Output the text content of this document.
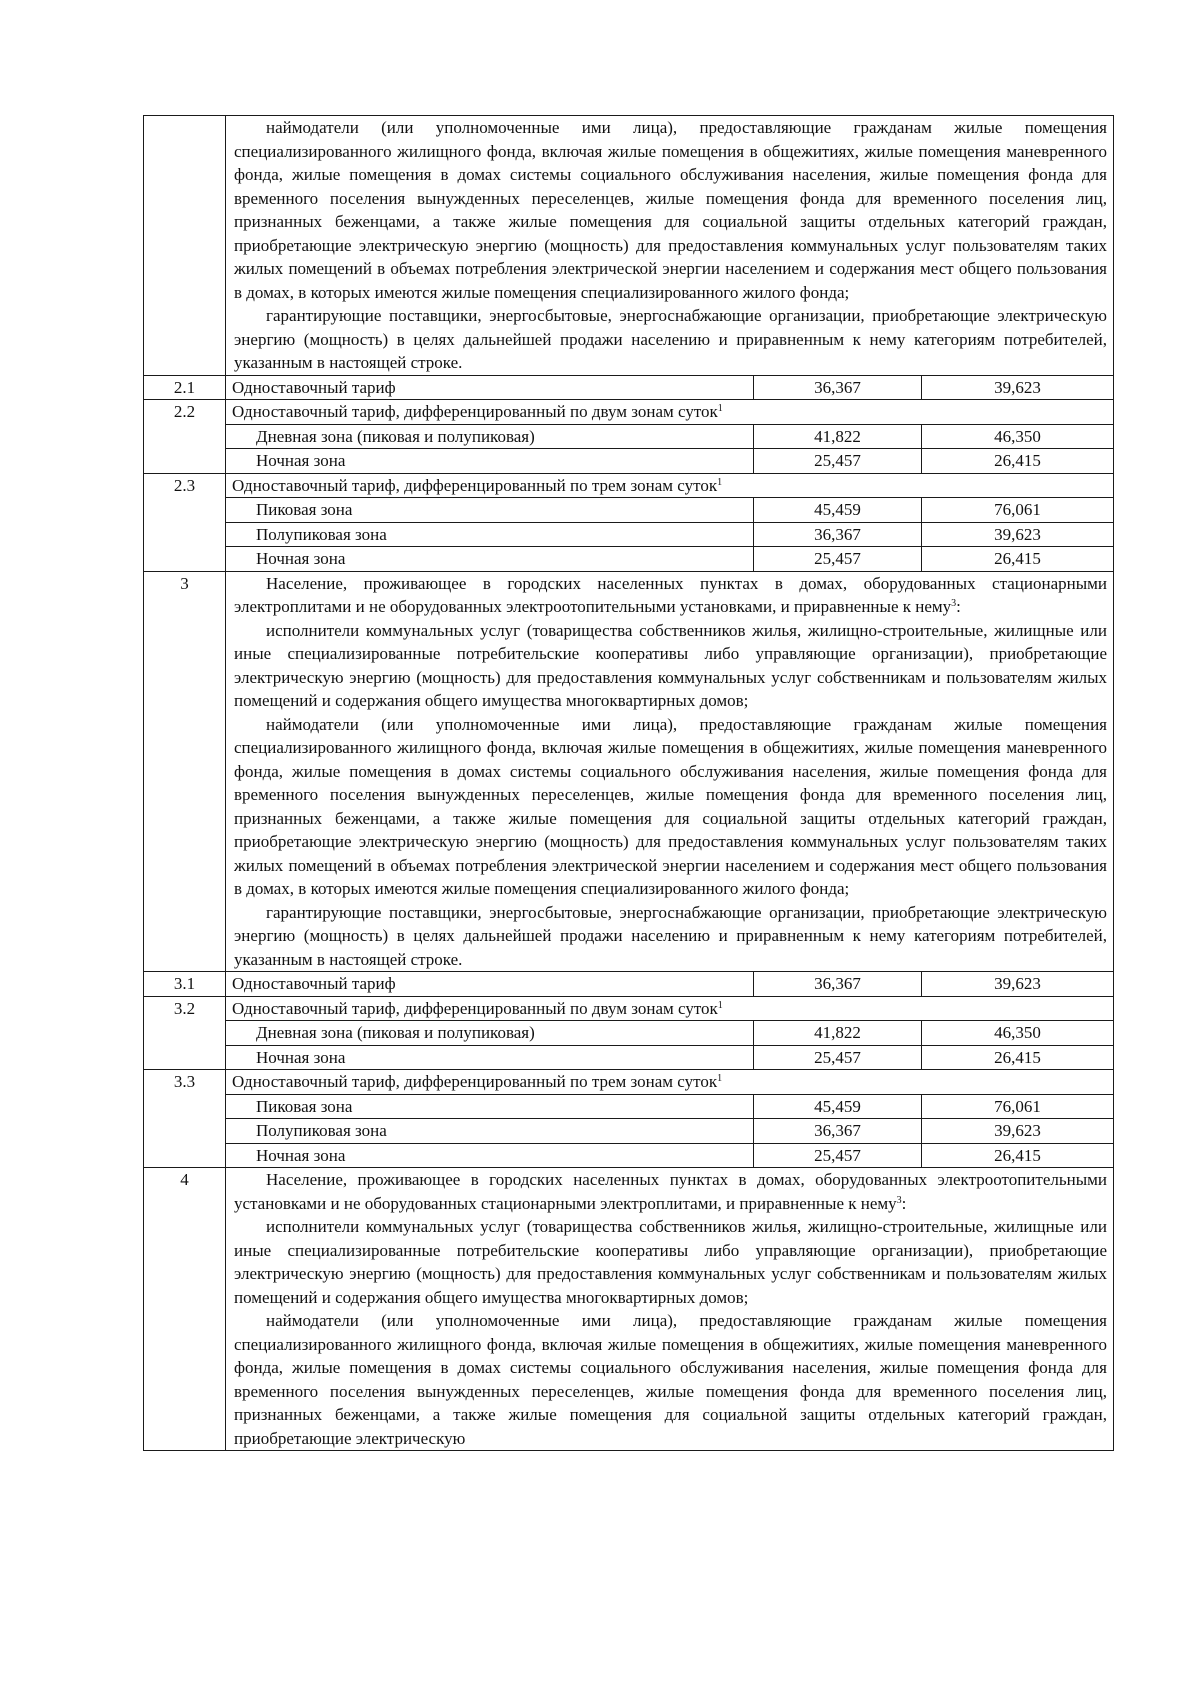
	наймодатели (или уполномоченные ими лица), предоставляющие гражданам жилые помещения специализированного жилищного фонда, включая жилые помещения в общежитиях, жилые помещения маневренного фонда, жилые помещения в домах системы социального обслуживания населения, жилые помещения фонда для временного поселения вынужденных переселенцев, жилые помещения фонда для временного поселения лиц, признанных беженцами, а также жилые помещения для социальной защиты отдельных категорий граждан, приобретающие электрическую энергию (мощность) для предоставления коммунальных услуг пользователям таких жилых помещений в объемах потребления электрической энергии населением и содержания мест общего пользования в домах, в которых имеются жилые помещения специализированного жилого фонда;

гарантирующие поставщики, энергосбытовые, энергоснабжающие организации, приобретающие электрическую энергию (мощность) в целях дальнейшей продажи населению и приравненным к нему категориям потребителей, указанным в настоящей строке.		

2.1	Одноставочный тариф	36,367	39,623
2.2	Одноставочный тариф, дифференцированный по двум зонам суток$^1$
	Дневная зона (пиковая и полупиковая)	41,822	46,350
	Ночная зона	25,457	26,415
2.3	Одноставочный тариф, дифференцированный по трем зонам суток$^1$
	Пиковая зона	45,459	76,061
	Полупиковая зона	36,367	39,623
	Ночная зона	25,457	26,415
3	Население, проживающее в городских населенных пунктах в домах, оборудованных стационарными электроплитами и не оборудованных электроотопительными установками, и приравненные к нему$^3$:

исполнители коммунальных услуг (товарищества собственников жилья, жилищно-строительные, жилищные или иные специализированные потребительские кооперативы либо управляющие организации), приобретающие электрическую энергию (мощность) для предоставления коммунальных услуг собственникам и пользователям жилых помещений и содержания общего имущества многоквартирных домов;

наймодатели (или уполномоченные ими лица), предоставляющие гражданам жилые помещения специализированного жилищного фонда, включая жилые помещения в общежитиях, жилые помещения маневренного фонда, жилые помещения в домах системы социального обслуживания населения, жилые помещения фонда для временного поселения вынужденных переселенцев, жилые помещения фонда для временного поселения лиц, признанных беженцами, а также жилые помещения для социальной защиты отдельных категорий граждан, приобретающие электрическую энергию (мощность) для предоставления коммунальных услуг пользователям таких жилых помещений в объемах потребления электрической энергии населением и содержания мест общего пользования в домах, в которых имеются жилые помещения специализированного жилого фонда;

гарантирующие поставщики, энергосбытовые, энергоснабжающие организации, приобретающие электрическую энергию (мощность) в целях дальнейшей продажи населению и приравненным к нему категориям потребителей, указанным в настоящей строке.		

3.1	Одноставочный тариф	36,367	39,623
3.2	Одноставочный тариф, дифференцированный по двум зонам суток$^1$
	Дневная зона (пиковая и полупиковая)	41,822	46,350
	Ночная зона	25,457	26,415
3.3	Одноставочный тариф, дифференцированный по трем зонам суток$^1$
	Пиковая зона	45,459	76,061
	Полупиковая зона	36,367	39,623
	Ночная зона	25,457	26,415
4	Население, проживающее в городских населенных пунктах в домах, оборудованных электроотопительными установками и не оборудованных стационарными электроплитами, и приравненные к нему$^3$:

исполнители коммунальных услуг (товарищества собственников жилья, жилищно-строительные, жилищные или иные специализированные потребительские кооперативы либо управляющие организации), приобретающие электрическую энергию (мощность) для предоставления коммунальных услуг собственникам и пользователям жилых помещений и содержания общего имущества многоквартирных домов;

наймодатели (или уполномоченные ими лица), предоставляющие гражданам жилые помещения специализированного жилищного фонда, включая жилые помещения в общежитиях, жилые помещения маневренного фонда, жилые помещения в домах системы социального обслуживания населения, жилые помещения фонда для временного поселения вынужденных переселенцев, жилые помещения фонда для временного поселения лиц, признанных беженцами, а также жилые помещения для социальной защиты отдельных категорий граждан, приобретающие электрическую		
